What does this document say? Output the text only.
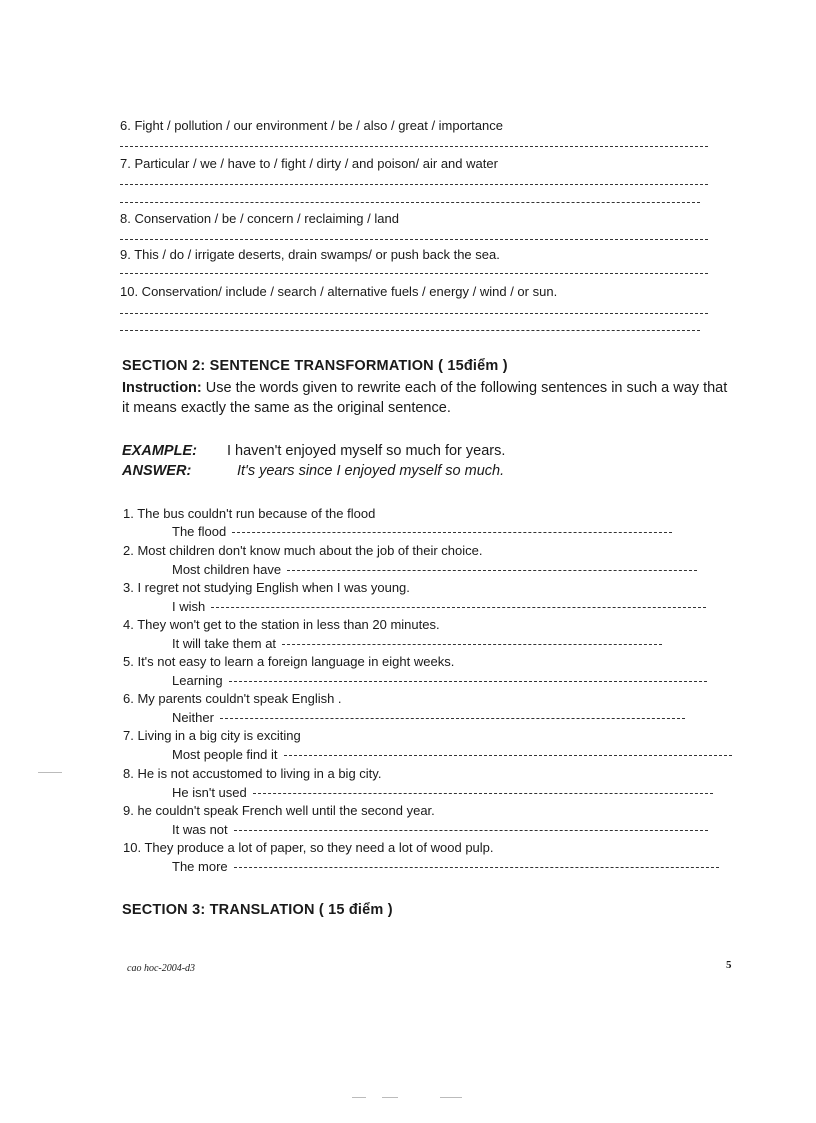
6. Fight / pollution / our environment / be / also / great / importance
7. Particular / we / have to / fight / dirty / and poison/ air and water
8. Conservation / be / concern / reclaiming / land
9. This / do / irrigate deserts, drain swamps/ or push back the sea.
10. Conservation/ include / search / alternative fuels / energy / wind / or sun.
SECTION 2: SENTENCE TRANSFORMATION ( 15điểm )
Instruction: Use the words given to rewrite each of the following sentences in such a way that it means exactly the same as the original sentence.
EXAMPLE: I haven't enjoyed myself so much for years.
ANSWER:	It's years since I enjoyed myself so much.
1. The bus couldn't run because of the flood
The flood
2. Most children don't know much about the job of their choice.
Most children have
3. I regret not studying English when I was young.
I wish
4. They won't get to the station in less than 20 minutes.
It will take them at
5. It's not easy to learn a foreign language in eight weeks.
Learning
6. My parents couldn't speak English .
Neither
7. Living in a big city is exciting
Most people find it
8. He is not accustomed to living in a big city.
He isn't used
9. he couldn't speak French well until the second year.
It was not
10. They produce a lot of paper, so they need a lot of wood pulp.
The more
SECTION 3: TRANSLATION ( 15 điểm )
cao hoc-2004-d3	5
